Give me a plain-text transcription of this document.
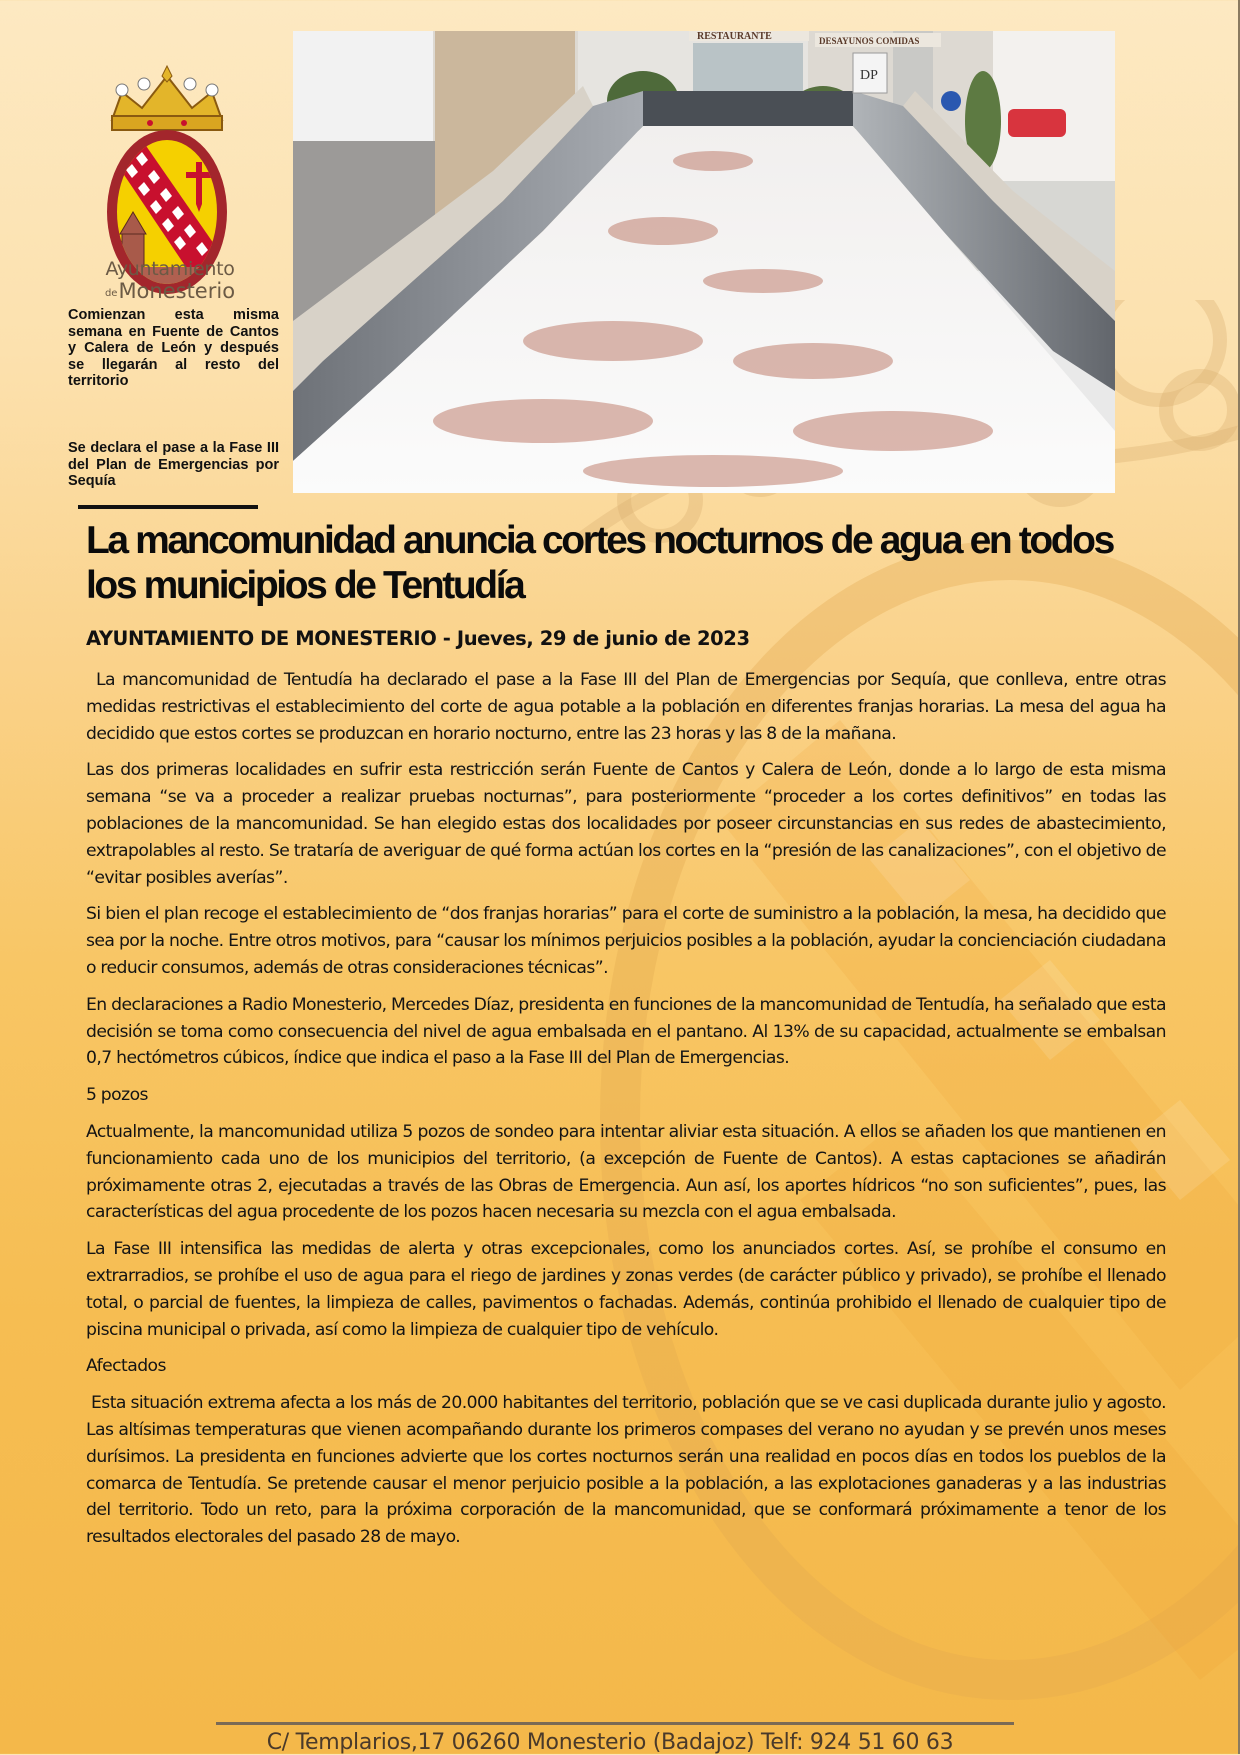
Ayuntamiento
deMonesterio
Comienzan esta misma semana en Fuente de Cantos y Calera de León y después se llegarán al resto del territorio
Se declara el pase a la Fase III del Plan de Emergencias por Sequía
RESTAURANTE	DESAYUNOS COMIDAS
DP
La mancomunidad anuncia cortes nocturnos de agua en todos los municipios de Tentudía
AYUNTAMIENTO DE MONESTERIO - Jueves, 29 de junio de 2023

La mancomunidad de Tentudía ha declarado el pase a la Fase III del Plan de Emergencias por Sequía, que conlleva, entre otras medidas restrictivas el establecimiento del corte de agua potable a la población en diferentes franjas horarias. La mesa del agua ha decidido que estos cortes se produzcan en horario nocturno, entre las 23 horas y las 8 de la mañana.

Las dos primeras localidades en sufrir esta restricción serán Fuente de Cantos y Calera de León, donde a lo largo de esta misma semana “se va a proceder a realizar pruebas nocturnas”, para posteriormente “proceder a los cortes definitivos” en todas las poblaciones de la mancomunidad. Se han elegido estas dos localidades por poseer circunstancias en sus redes de abastecimiento, extrapolables al resto. Se trataría de averiguar de qué forma actúan los cortes en la “presión de las canalizaciones”, con el objetivo de “evitar posibles averías”.

Si bien el plan recoge el establecimiento de “dos franjas horarias” para el corte de suministro a la población, la mesa, ha decidido que sea por la noche. Entre otros motivos, para “causar los mínimos perjuicios posibles a la población, ayudar la concienciación ciudadana o reducir consumos, además de otras consideraciones técnicas”.

En declaraciones a Radio Monesterio, Mercedes Díaz, presidenta en funciones de la mancomunidad de Tentudía, ha señalado que esta decisión se toma como consecuencia del nivel de agua embalsada en el pantano. Al 13% de su capacidad, actualmente se embalsan 0,7 hectómetros cúbicos, índice que indica el paso a la Fase III del Plan de Emergencias.

5 pozos

Actualmente, la mancomunidad utiliza 5 pozos de sondeo para intentar aliviar esta situación. A ellos se añaden los que mantienen en funcionamiento cada uno de los municipios del territorio, (a excepción de Fuente de Cantos). A estas captaciones se añadirán próximamente otras 2, ejecutadas a través de las Obras de Emergencia. Aun así, los aportes hídricos “no son suficientes”, pues, las características del agua procedente de los pozos hacen necesaria su mezcla con el agua embalsada.

La Fase III intensifica las medidas de alerta y otras excepcionales, como los anunciados cortes. Así, se prohíbe el consumo en extrarradios, se prohíbe el uso de agua para el riego de jardines y zonas verdes (de carácter público y privado), se prohíbe el llenado total, o parcial de fuentes, la limpieza de calles, pavimentos o fachadas. Además, continúa prohibido el llenado de cualquier tipo de piscina municipal o privada, así como la limpieza de cualquier tipo de vehículo.

Afectados

Esta situación extrema afecta a los más de 20.000 habitantes del territorio, población que se ve casi duplicada durante julio y agosto. Las altísimas temperaturas que vienen acompañando durante los primeros compases del verano no ayudan y se prevén unos meses durísimos. La presidenta en funciones advierte que los cortes nocturnos serán una realidad en pocos días en todos los pueblos de la comarca de Tentudía. Se pretende causar el menor perjuicio posible a la población, a las explotaciones ganaderas y a las industrias del territorio. Todo un reto, para la próxima corporación de la mancomunidad, que se conformará próximamente a tenor de los resultados electorales del pasado 28 de mayo.

C/ Templarios,17 06260 Monesterio (Badajoz) Telf: 924 51 60 63
